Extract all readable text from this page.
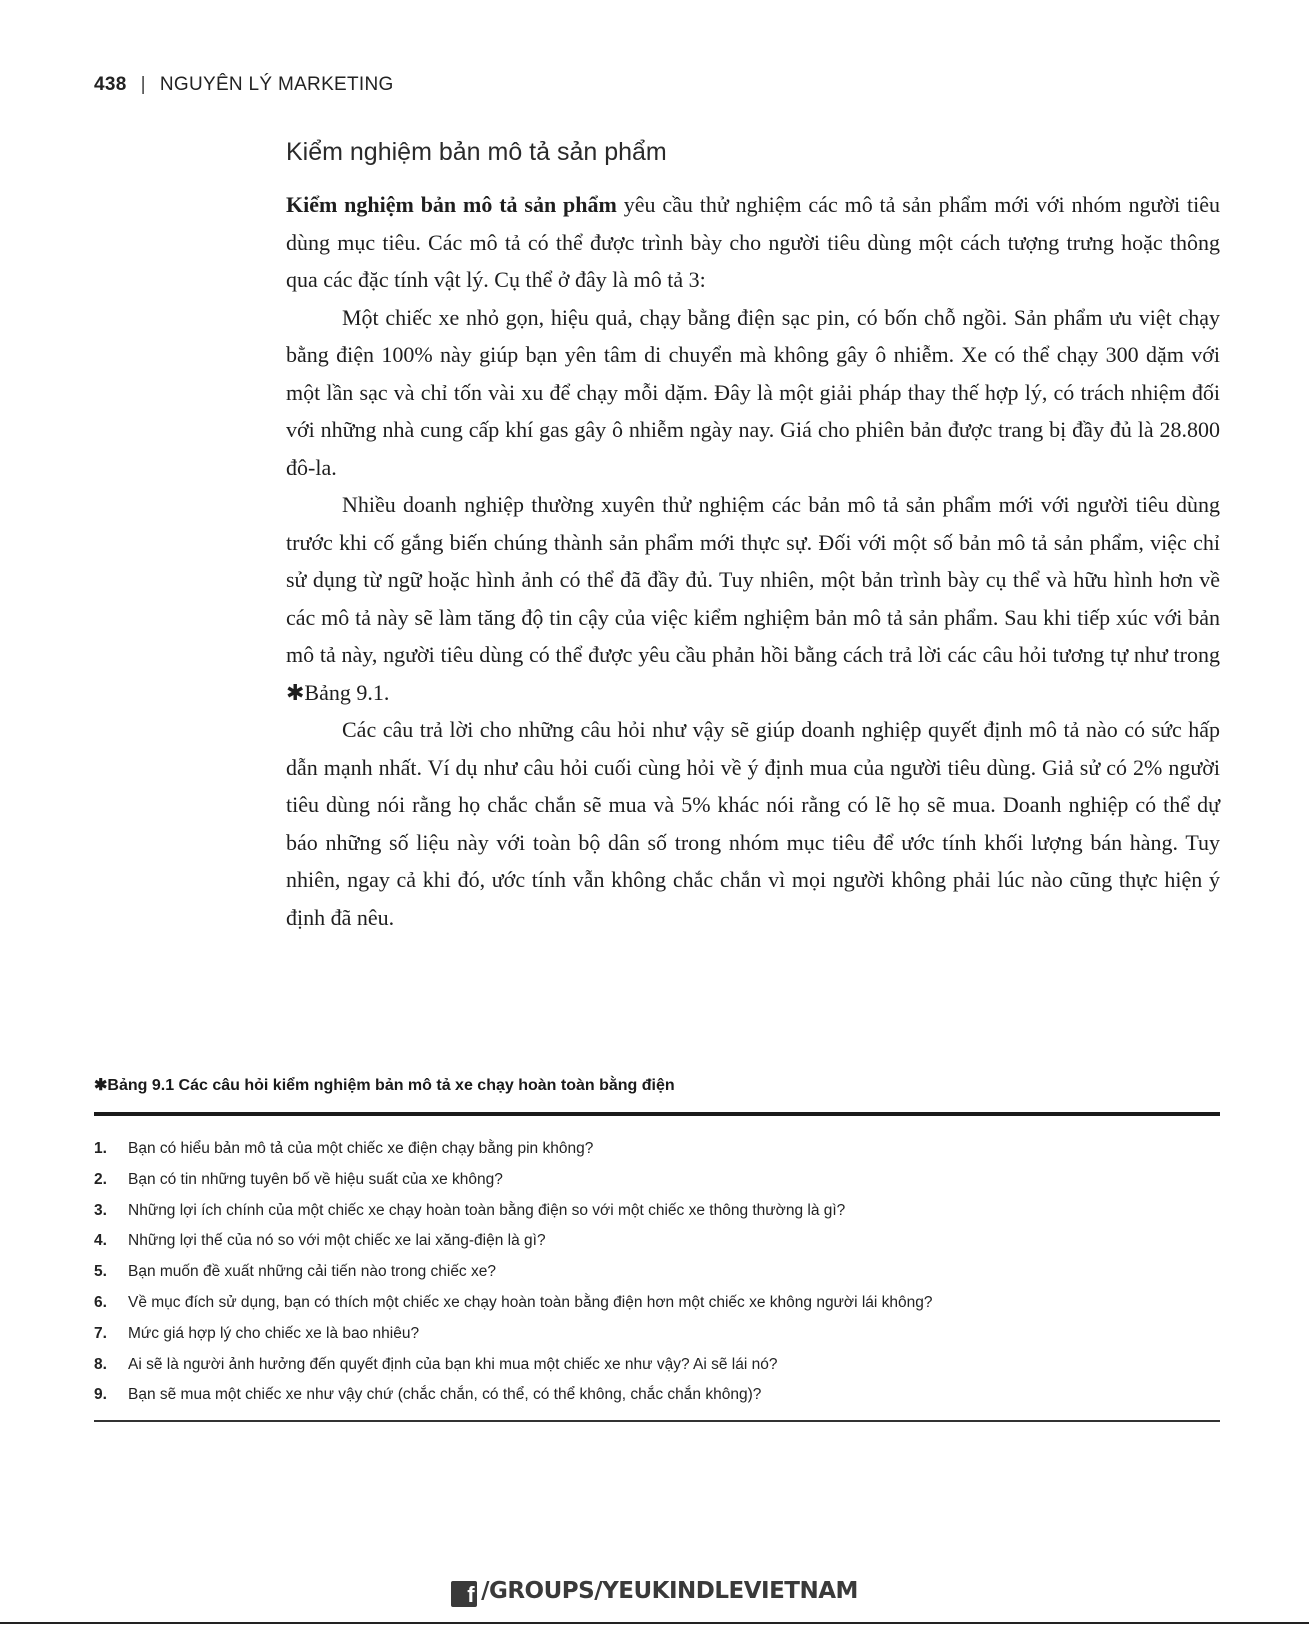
438 | NGUYÊN LÝ MARKETING
Kiểm nghiệm bản mô tả sản phẩm

Kiểm nghiệm bản mô tả sản phẩm yêu cầu thử nghiệm các mô tả sản phẩm mới với nhóm người tiêu dùng mục tiêu. Các mô tả có thể được trình bày cho người tiêu dùng một cách tượng trưng hoặc thông qua các đặc tính vật lý. Cụ thể ở đây là mô tả 3:

Một chiếc xe nhỏ gọn, hiệu quả, chạy bằng điện sạc pin, có bốn chỗ ngồi. Sản phẩm ưu việt chạy bằng điện 100% này giúp bạn yên tâm di chuyển mà không gây ô nhiễm. Xe có thể chạy 300 dặm với một lần sạc và chỉ tốn vài xu để chạy mỗi dặm. Đây là một giải pháp thay thế hợp lý, có trách nhiệm đối với những nhà cung cấp khí gas gây ô nhiễm ngày nay. Giá cho phiên bản được trang bị đầy đủ là 28.800 đô-la.

Nhiều doanh nghiệp thường xuyên thử nghiệm các bản mô tả sản phẩm mới với người tiêu dùng trước khi cố gắng biến chúng thành sản phẩm mới thực sự. Đối với một số bản mô tả sản phẩm, việc chỉ sử dụng từ ngữ hoặc hình ảnh có thể đã đầy đủ. Tuy nhiên, một bản trình bày cụ thể và hữu hình hơn về các mô tả này sẽ làm tăng độ tin cậy của việc kiểm nghiệm bản mô tả sản phẩm. Sau khi tiếp xúc với bản mô tả này, người tiêu dùng có thể được yêu cầu phản hồi bằng cách trả lời các câu hỏi tương tự như trong ✱Bảng 9.1.

Các câu trả lời cho những câu hỏi như vậy sẽ giúp doanh nghiệp quyết định mô tả nào có sức hấp dẫn mạnh nhất. Ví dụ như câu hỏi cuối cùng hỏi về ý định mua của người tiêu dùng. Giả sử có 2% người tiêu dùng nói rằng họ chắc chắn sẽ mua và 5% khác nói rằng có lẽ họ sẽ mua. Doanh nghiệp có thể dự báo những số liệu này với toàn bộ dân số trong nhóm mục tiêu để ước tính khối lượng bán hàng. Tuy nhiên, ngay cả khi đó, ước tính vẫn không chắc chắn vì mọi người không phải lúc nào cũng thực hiện ý định đã nêu.

✱Bảng 9.1 Các câu hỏi kiểm nghiệm bản mô tả xe chạy hoàn toàn bằng điện
1.	Bạn có hiểu bản mô tả của một chiếc xe điện chạy bằng pin không?
2.	Bạn có tin những tuyên bố về hiệu suất của xe không?
3.	Những lợi ích chính của một chiếc xe chạy hoàn toàn bằng điện so với một chiếc xe thông thường là gì?
4.	Những lợi thế của nó so với một chiếc xe lai xăng-điện là gì?
5.	Bạn muốn đề xuất những cải tiến nào trong chiếc xe?
6.	Về mục đích sử dụng, bạn có thích một chiếc xe chạy hoàn toàn bằng điện hơn một chiếc xe không người lái không?
7.	Mức giá hợp lý cho chiếc xe là bao nhiêu?
8.	Ai sẽ là người ảnh hưởng đến quyết định của bạn khi mua một chiếc xe như vậy? Ai sẽ lái nó?
9.	Bạn sẽ mua một chiếc xe như vậy chứ (chắc chắn, có thể, có thể không, chắc chắn không)?
f /GROUPS/YEUKINDLEVIETNAM
